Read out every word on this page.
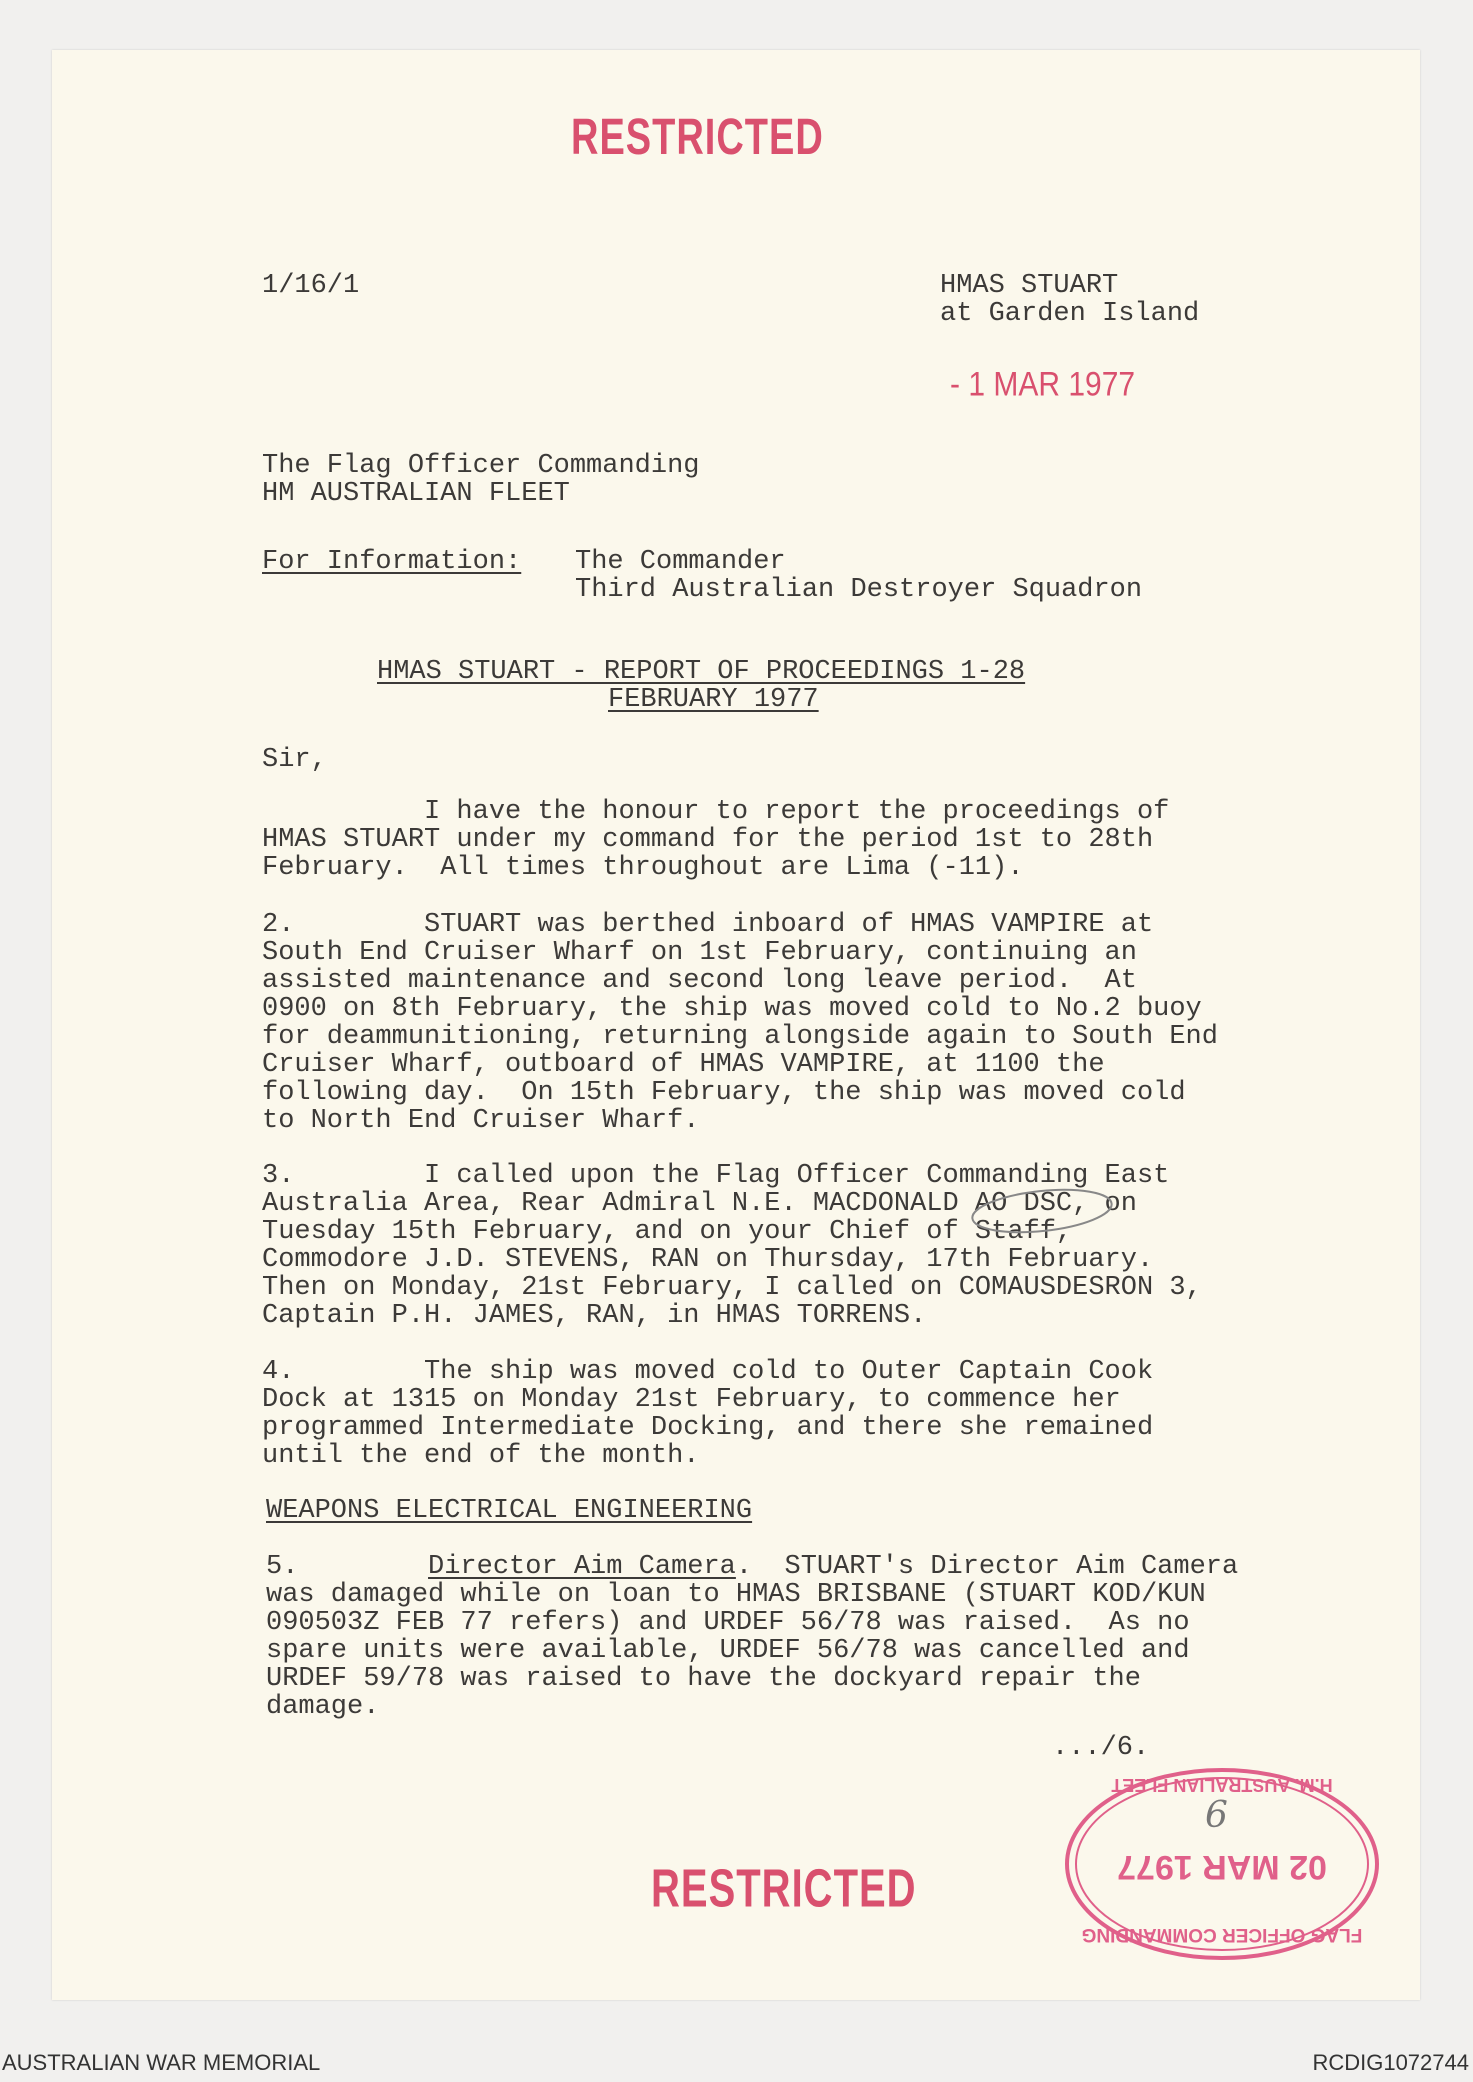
RESTRICTED
1/16/1	HMAS STUART
at Garden Island
- 1 MAR 1977
The Flag Officer Commanding
HM AUSTRALIAN FLEET
For Information: The Commander
Third Australian Destroyer Squadron
HMAS STUART - REPORT OF PROCEEDINGS 1-28
FEBRUARY 1977
Sir,
I have the honour to report the proceedings of
HMAS STUART under my command for the period 1st to 28th
February.  All times throughout are Lima (-11).
2.        STUART was berthed inboard of HMAS VAMPIRE at
South End Cruiser Wharf on 1st February, continuing an
assisted maintenance and second long leave period.  At
0900 on 8th February, the ship was moved cold to No.2 buoy
for deammunitioning, returning alongside again to South End
Cruiser Wharf, outboard of HMAS VAMPIRE, at 1100 the
following day.  On 15th February, the ship was moved cold
to North End Cruiser Wharf.
3.        I called upon the Flag Officer Commanding East
Australia Area, Rear Admiral N.E. MACDONALD AO DSC, on
Tuesday 15th February, and on your Chief of Staff,
Commodore J.D. STEVENS, RAN on Thursday, 17th February.
Then on Monday, 21st February, I called on COMAUSDESRON 3,
Captain P.H. JAMES, RAN, in HMAS TORRENS.
4.        The ship was moved cold to Outer Captain Cook
Dock at 1315 on Monday 21st February, to commence her
programmed Intermediate Docking, and there she remained
until the end of the month.
WEAPONS ELECTRICAL ENGINEERING
5.        Director Aim Camera.  STUART's Director Aim Camera
was damaged while on loan to HMAS BRISBANE (STUART KOD/KUN
090503Z FEB 77 refers) and URDEF 56/78 was raised.  As no
spare units were available, URDEF 56/78 was cancelled and
URDEF 59/78 was raised to have the dockyard repair the
damage.
.../6.
RESTRICTED
FLAG OFFICER COMMANDING
02 MAR 1977
H.M. AUSTRALIAN FLEET
6
AUSTRALIAN WAR MEMORIAL	RCDIG1072744
